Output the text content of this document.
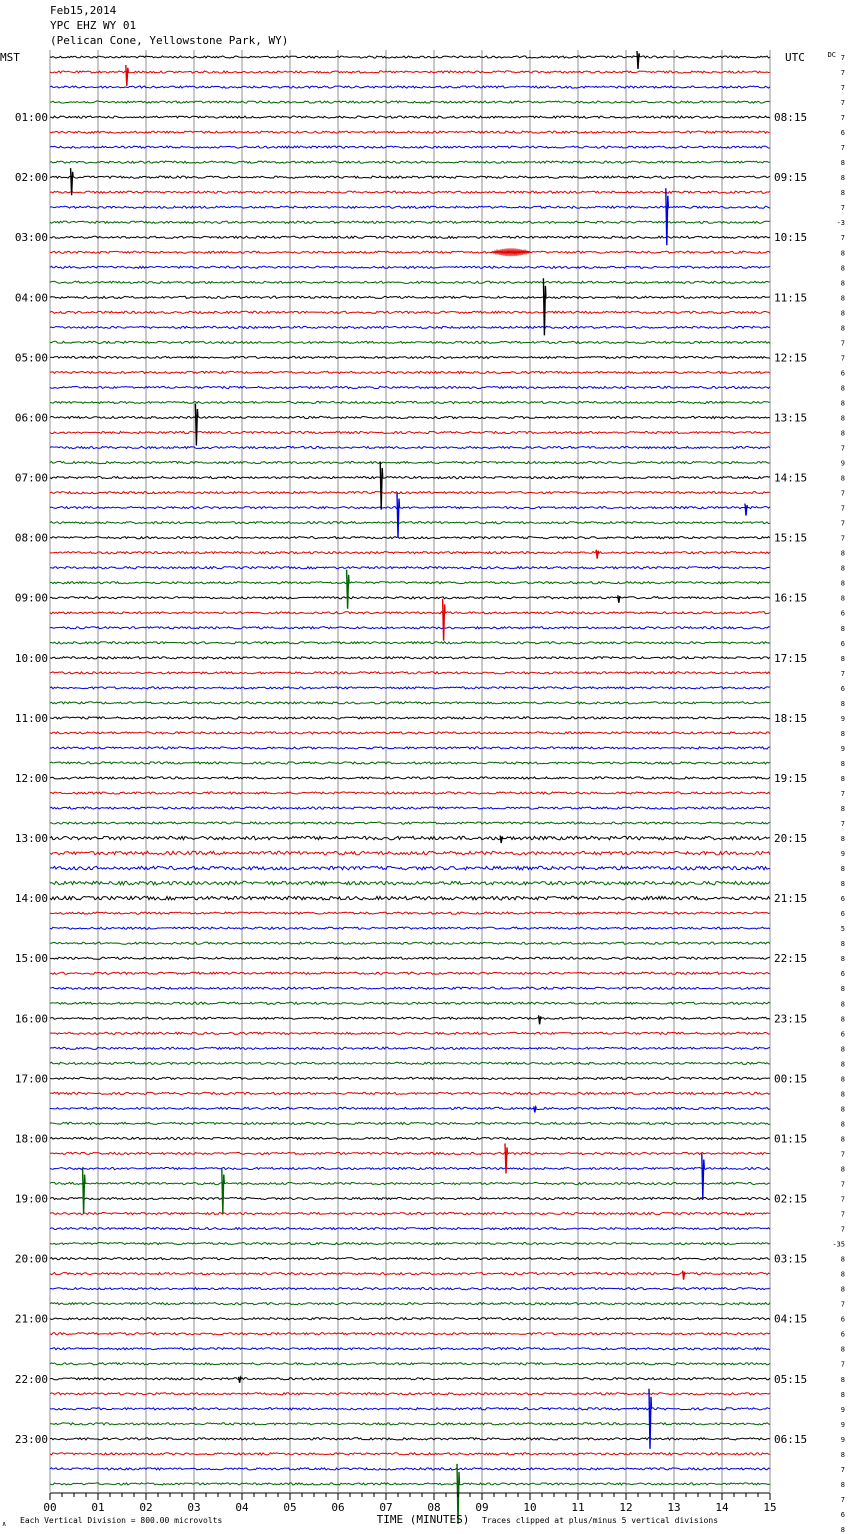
Feb15,2014

YPC EHZ WY 01

(Pelican Cone, Yellowstone Park, WY)

00	01	02	03	04	05	06	07	08	09	10	11	12	13	14	15
01:00	08:15
02:00	09:15
03:00	10:15
04:00	11:15
05:00	12:15
06:00	13:15
07:00	14:15
08:00	15:15
09:00	16:15
10:00	17:15
11:00	18:15
12:00	19:15
13:00	20:15
14:00	21:15
15:00	22:15
16:00	23:15
17:00	00:15
18:00	01:15
19:00	02:15
20:00	03:15
21:00	04:15
22:00	05:15
23:00	06:15
7
7
7
7
7
6
7
8
8
8
7
-3
7
8
8
8
8
8
8
7
7
6
8
8
8
8
7
9
8
7
7
7
7
8
8
8
8
6
8
6
8
7
6
8
9
8
9
8
8
7
8
7
8
9
8
8
6
6
5
8
8
6
8
8
8
6
8
8
8
8
8
8
8
7
8
7
7
7
7
-35
8
8
8
7
6
6
8
7
8
8
9
9
9
8
7
8
7
6
8
MST	UTC	DC
TIME (MINUTES)
Each Vertical Division = 800.00 microvolts	Traces clipped at plus/minus 5 vertical divisions
∧
